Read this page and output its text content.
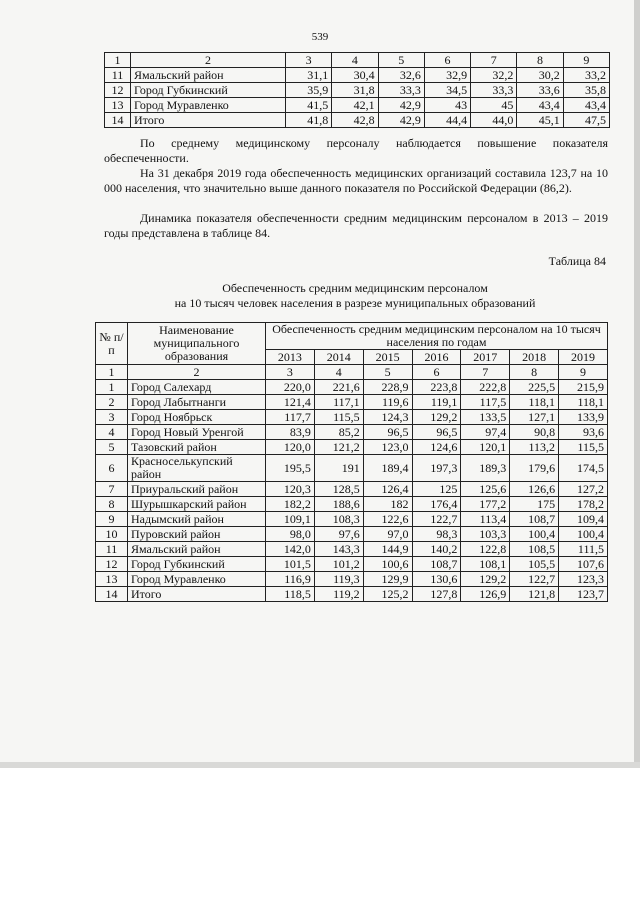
539
1	2	3	4	5	6	7	8	9
11	Ямальский район	31,1	30,4	32,6	32,9	32,2	30,2	33,2
12	Город Губкинский	35,9	31,8	33,3	34,5	33,3	33,6	35,8
13	Город Муравленко	41,5	42,1	42,9	43	45	43,4	43,4
14	Итого	41,8	42,8	42,9	44,4	44,0	45,1	47,5

По среднему медицинскому персоналу наблюдается повышение показателя обеспеченности.

На 31 декабря 2019 года обеспеченность медицинских организаций составила 123,7 на 10 000 населения, что значительно выше данного показателя по Российской Федерации (86,2).

Динамика показателя обеспеченности средним медицинским персоналом в 2013 – 2019 годы представлена в таблице 84.

Таблица 84
Обеспеченность средним медицинским персоналом
на 10 тысяч человек населения в разрезе муниципальных образований
№ п/п	Наименование муниципального образования	Обеспеченность средним медицинским персоналом на 10 тысяч населения по годам						
		2013	2014	2015	2016	2017	2018	2019
1	2	3	4	5	6	7	8	9
1	Город Салехард	220,0	221,6	228,9	223,8	222,8	225,5	215,9
2	Город Лабытнанги	121,4	117,1	119,6	119,1	117,5	118,1	118,1
3	Город Ноябрьск	117,7	115,5	124,3	129,2	133,5	127,1	133,9
4	Город Новый Уренгой	83,9	85,2	96,5	96,5	97,4	90,8	93,6
5	Тазовский район	120,0	121,2	123,0	124,6	120,1	113,2	115,5
6	Красноселькупский район	195,5	191	189,4	197,3	189,3	179,6	174,5
7	Приуральский район	120,3	128,5	126,4	125	125,6	126,6	127,2
8	Шурышкарский район	182,2	188,6	182	176,4	177,2	175	178,2
9	Надымский район	109,1	108,3	122,6	122,7	113,4	108,7	109,4
10	Пуровский район	98,0	97,6	97,0	98,3	103,3	100,4	100,4
11	Ямальский район	142,0	143,3	144,9	140,2	122,8	108,5	111,5
12	Город Губкинский	101,5	101,2	100,6	108,7	108,1	105,5	107,6
13	Город Муравленко	116,9	119,3	129,9	130,6	129,2	122,7	123,3
14	Итого	118,5	119,2	125,2	127,8	126,9	121,8	123,7
